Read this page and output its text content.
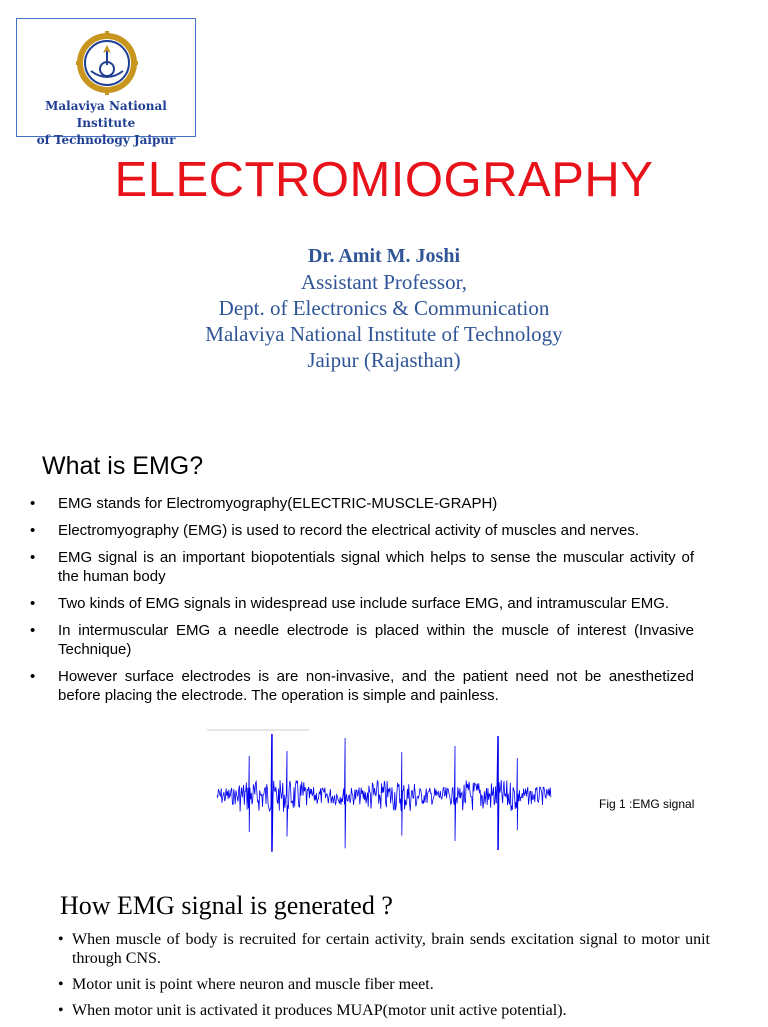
Malaviya National Institute
of Technology Jaipur
ELECTROMIOGRAPHY
Dr. Amit M. Joshi
Assistant Professor,
Dept. of Electronics & Communication
Malaviya National Institute of Technology
Jaipur (Rajasthan)
What is EMG?
• EMG stands for Electromyography(ELECTRIC-MUSCLE-GRAPH)
• Electromyography (EMG) is used to record the electrical activity of muscles and nerves.
• EMG signal is an important biopotentials signal which helps to sense the muscular activity of the human body
• Two kinds of EMG signals in widespread use include surface EMG, and intramuscular EMG.
• In intermuscular EMG a needle electrode is placed within the muscle of interest (Invasive Technique)
• However surface electrodes is are non-invasive, and the patient need not be anesthetized before placing the electrode. The operation is simple and painless.
Fig 1 :EMG signal
How EMG signal is generated ?
• When muscle of body is recruited for certain activity, brain sends excitation signal to motor unit through CNS.
• Motor unit is point where neuron and muscle fiber meet.
• When motor unit is activated it produces MUAP(motor unit active potential).
